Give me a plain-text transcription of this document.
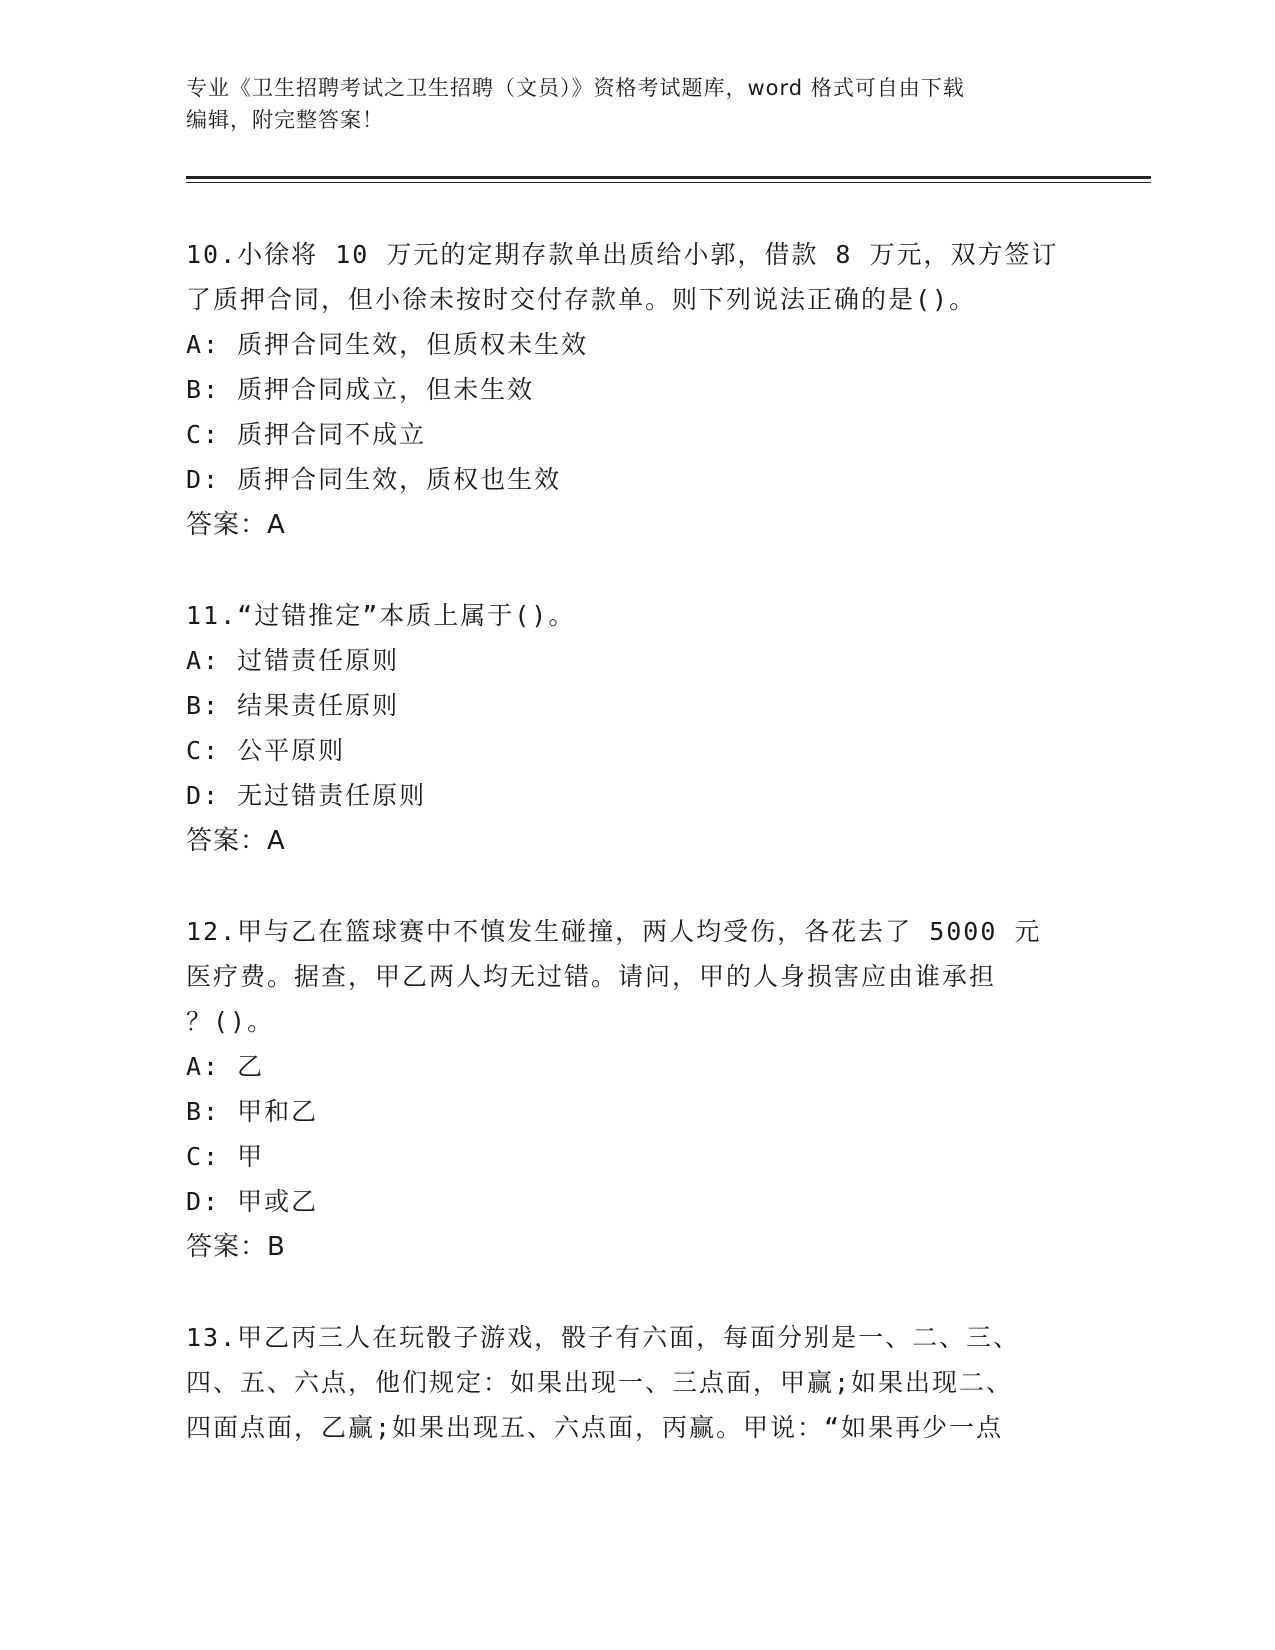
专业《卫生招聘考试之卫生招聘（文员）》资格考试题库，word 格式可自由下载
编辑，附完整答案！
10.小徐将 10 万元的定期存款单出质给小郭，借款 8 万元，双方签订
了质押合同，但小徐未按时交付存款单。则下列说法正确的是()。
A: 质押合同生效，但质权未生效
B: 质押合同成立，但未生效
C: 质押合同不成立
D: 质押合同生效，质权也生效
答案：A
11.“过错推定”本质上属于()。
A: 过错责任原则
B: 结果责任原则
C: 公平原则
D: 无过错责任原则
答案：A
12.甲与乙在篮球赛中不慎发生碰撞，两人均受伤，各花去了 5000 元
医疗费。据查，甲乙两人均无过错。请问，甲的人身损害应由谁承担
？()。
A: 乙
B: 甲和乙
C: 甲
D: 甲或乙
答案：B
13.甲乙丙三人在玩骰子游戏，骰子有六面，每面分别是一、二、三、
四、五、六点，他们规定：如果出现一、三点面，甲赢;如果出现二、
四面点面，乙赢;如果出现五、六点面，丙赢。甲说：“如果再少一点
